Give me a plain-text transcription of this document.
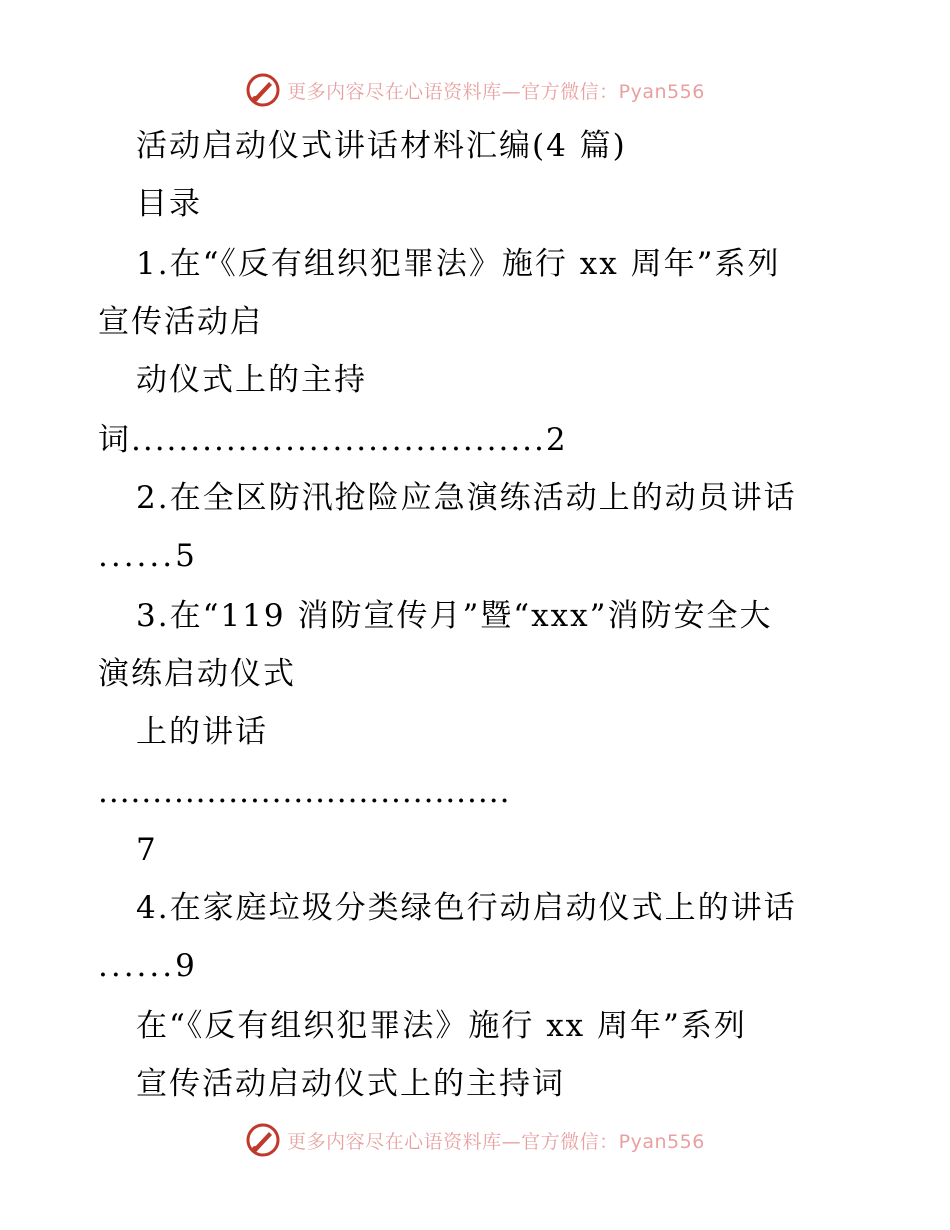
更多内容尽在心语资料库—官方微信：Pyan556
活动启动仪式讲话材料汇编(4 篇)
目录
1.在“《反有组织犯罪法》施行 xx 周年”系列
宣传活动启
动仪式上的主持
词...................................2
2.在全区防汛抢险应急演练活动上的动员讲话
......5
3.在“119 消防宣传月”暨“xxx”消防安全大
演练启动仪式
上的讲话
......................................
7
4.在家庭垃圾分类绿色行动启动仪式上的讲话
......9
在“《反有组织犯罪法》施行 xx 周年”系列
宣传活动启动仪式上的主持词
更多内容尽在心语资料库—官方微信：Pyan556
